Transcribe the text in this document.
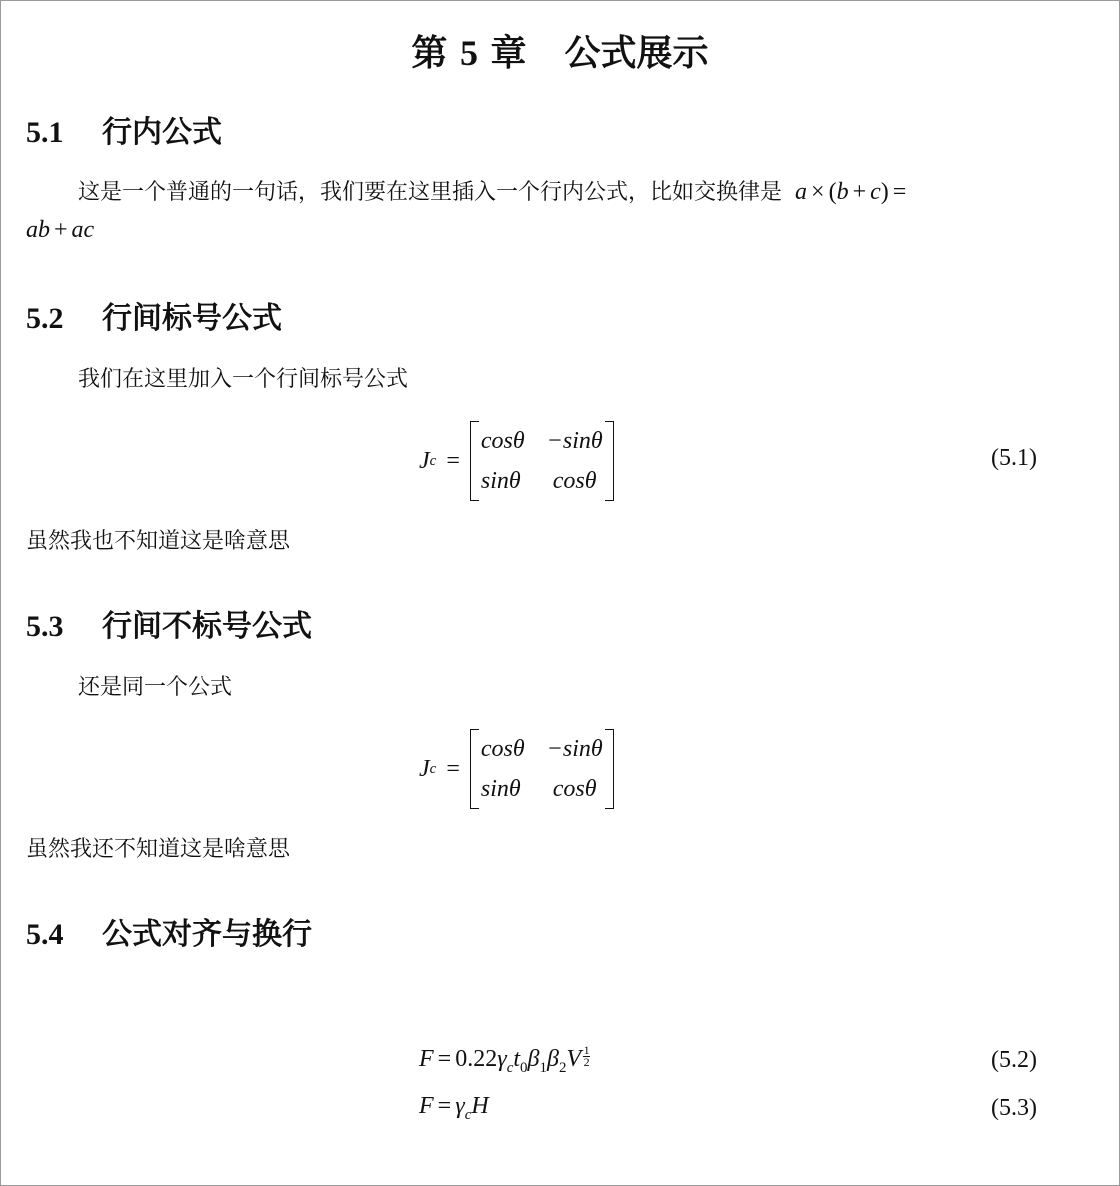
第 5 章 公式展示
5.1 行内公式
这是一个普通的一句话，我们要在这里插入一个行内公式，比如交换律是 a × (b + c) =
ab + ac
5.2 行间标号公式
我们在这里加入一个行间标号公式
J c =
cosθ −sinθ
sinθ cosθ
(5.1)
虽然我也不知道这是啥意思
5.3 行间不标号公式
还是同一个公式
J c =
cosθ −sinθ
sinθ cosθ
虽然我还不知道这是啥意思
5.4 公式对齐与换行
$F = 0.22\gamma_ct_0\beta_1\beta_2V \frac{1}{2}$	(5.2)
$F = \gamma_cH$	(5.3)
